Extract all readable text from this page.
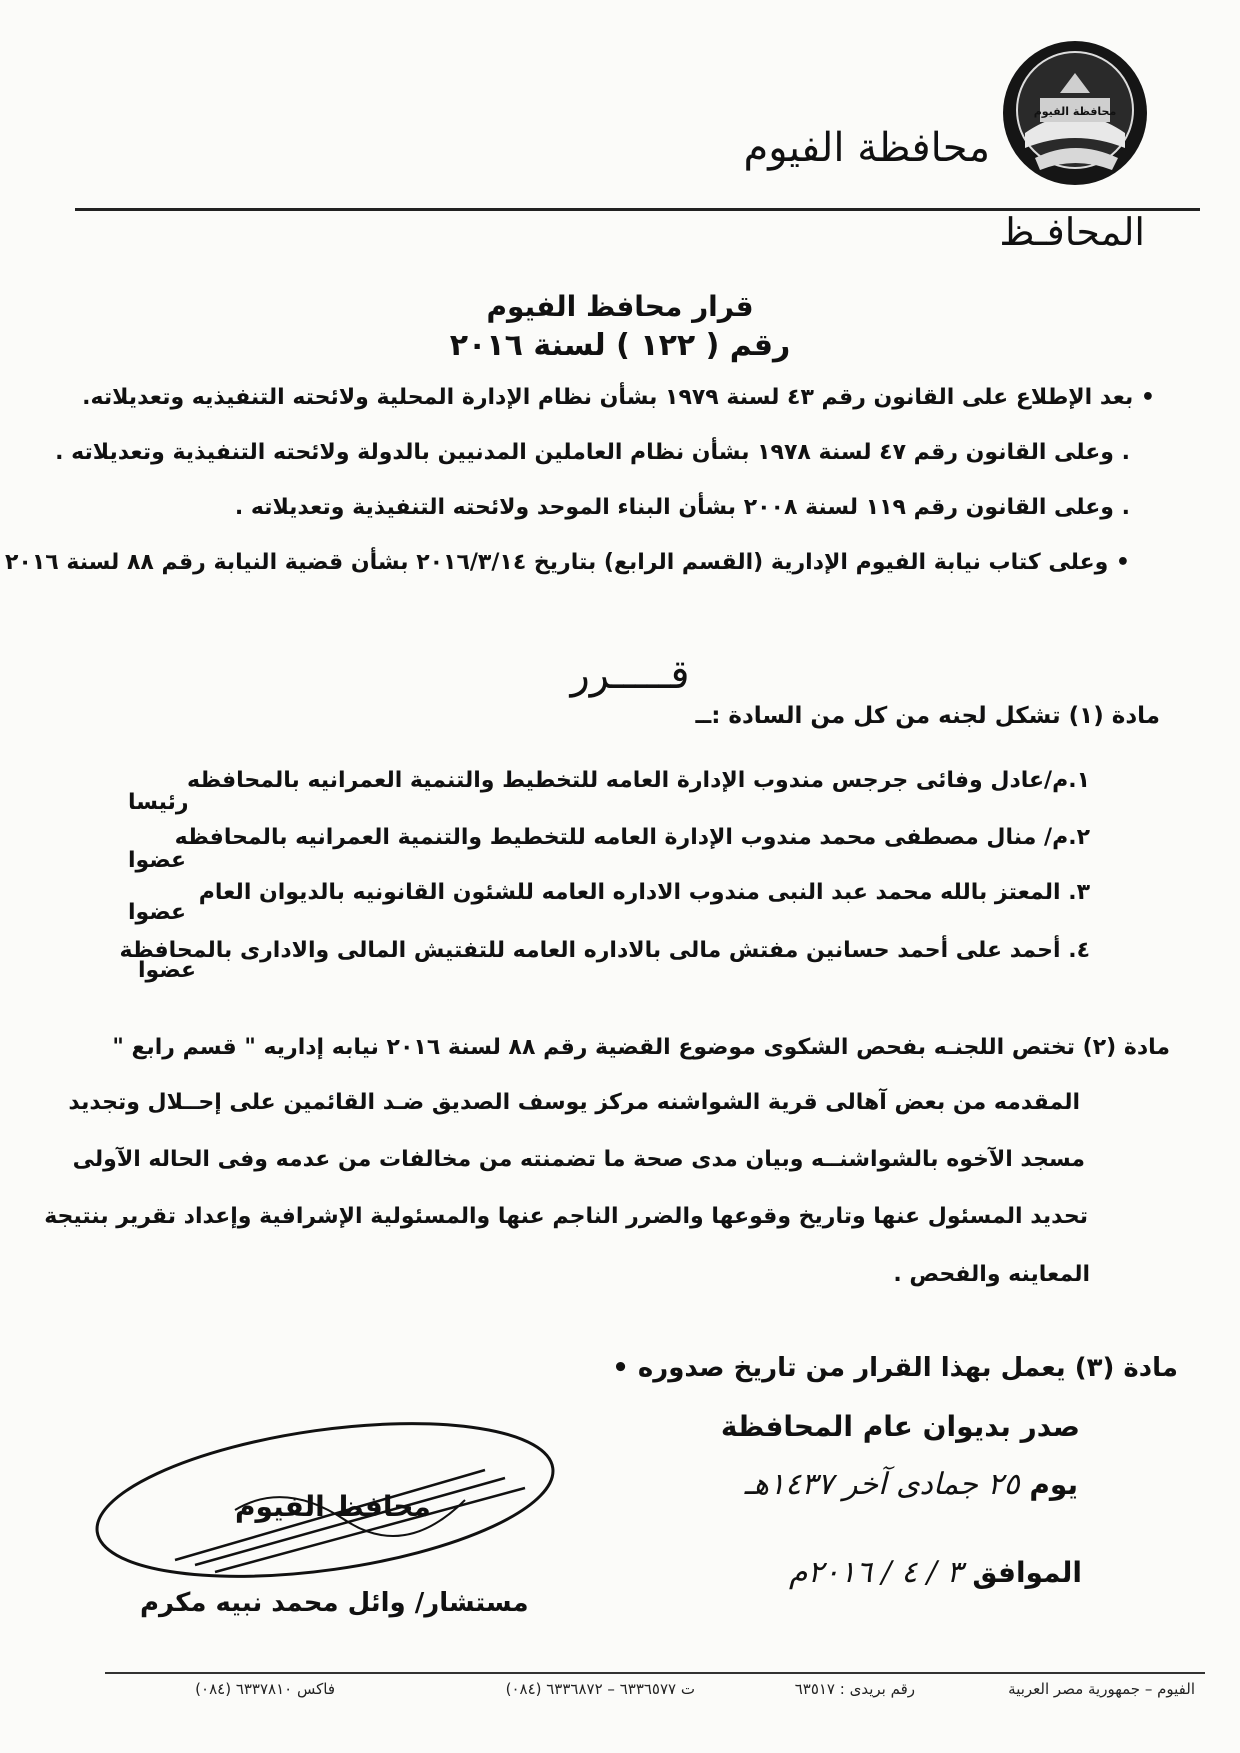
محافظة الفيوم
محافظة الفيوم
المحافـظ
قرار محافظ الفيوم
رقم ( ١٢٢ ) لسنة ٢٠١٦
• بعد الإطلاع على القانون رقم ٤٣ لسنة ١٩٧٩ بشأن نظام الإدارة المحلية ولائحته التنفيذيه وتعديلاته.
. وعلى القانون رقم ٤٧ لسنة ١٩٧٨ بشأن نظام العاملين المدنيين بالدولة ولائحته التنفيذية وتعديلاته .
. وعلى القانون رقم ١١٩ لسنة ٢٠٠٨ بشأن البناء الموحد ولائحته التنفيذية وتعديلاته .
• وعلى كتاب نيابة الفيوم الإدارية (القسم الرابع) بتاريخ ٢٠١٦/٣/١٤ بشأن قضية النيابة رقم ٨٨ لسنة ٢٠١٦
قـــــرر
مادة (١) تشكل لجنه من كل من السادة :ــ
١.م/عادل وفائى جرجس مندوب الإدارة العامه للتخطيط والتنمية العمرانيه بالمحافظه
رئيسا
٢.م/ منال مصطفى محمد مندوب الإدارة العامه للتخطيط والتنمية العمرانيه بالمحافظه
عضوا
٣. المعتز بالله محمد عبد النبى مندوب الاداره العامه للشئون القانونيه بالديوان العام
عضوا
٤. أحمد على أحمد حسانين مفتش مالى بالاداره العامه للتفتيش المالى والادارى بالمحافظة
عضوا
مادة (٢) تختص اللجنـه بفحص الشكوى موضوع القضية رقم ٨٨ لسنة ٢٠١٦ نيابه إداريه " قسم رابع "
المقدمه من بعض آهالى قرية الشواشنه مركز يوسف الصديق ضـد القائمين على إحــلال وتجديد
مسجد الآخوه بالشواشنــه وبيان مدى صحة ما تضمنته من مخالفات من عدمه وفى الحاله الآولى
تحديد المسئول عنها وتاريخ وقوعها والضرر الناجم عنها والمسئولية الإشرافية وإعداد تقرير بنتيجة
المعاينه والفحص .
مادة (٣) يعمل بهذا القرار من تاريخ صدوره •
صدر بديوان عام المحافظة
يوم ٢٥ جمادى آخر ١٤٣٧هـ
الموافق ٣ / ٤ / ٢٠١٦م
محافظ الفيوم
مستشار/ وائل محمد نبيه مكرم
الفيوم – جمهورية مصر العربية
رقم بريدى : ٦٣٥١٧
ت ٦٣٣٦٥٧٧ – ٦٣٣٦٨٧٢ (٠٨٤)
فاكس ٦٣٣٧٨١٠ (٠٨٤)
